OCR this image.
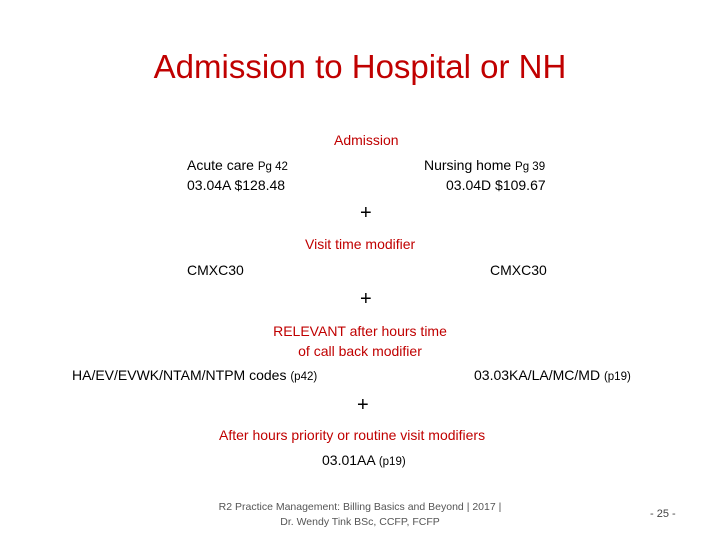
Admission to Hospital or NH
Admission
Acute care Pg 42
03.04A $128.48
Nursing home Pg 39
03.04D $109.67
+
Visit time modifier
CMXC30	CMXC30
+
RELEVANT after hours time
of call back modifier
HA/EV/EVWK/NTAM/NTPM codes (p42)	03.03KA/LA/MC/MD (p19)
+
After hours priority or routine visit modifiers
03.01AA (p19)
R2 Practice Management: Billing Basics and Beyond | 2017 |
Dr. Wendy Tink BSc, CCFP, FCFP
- 25 -
